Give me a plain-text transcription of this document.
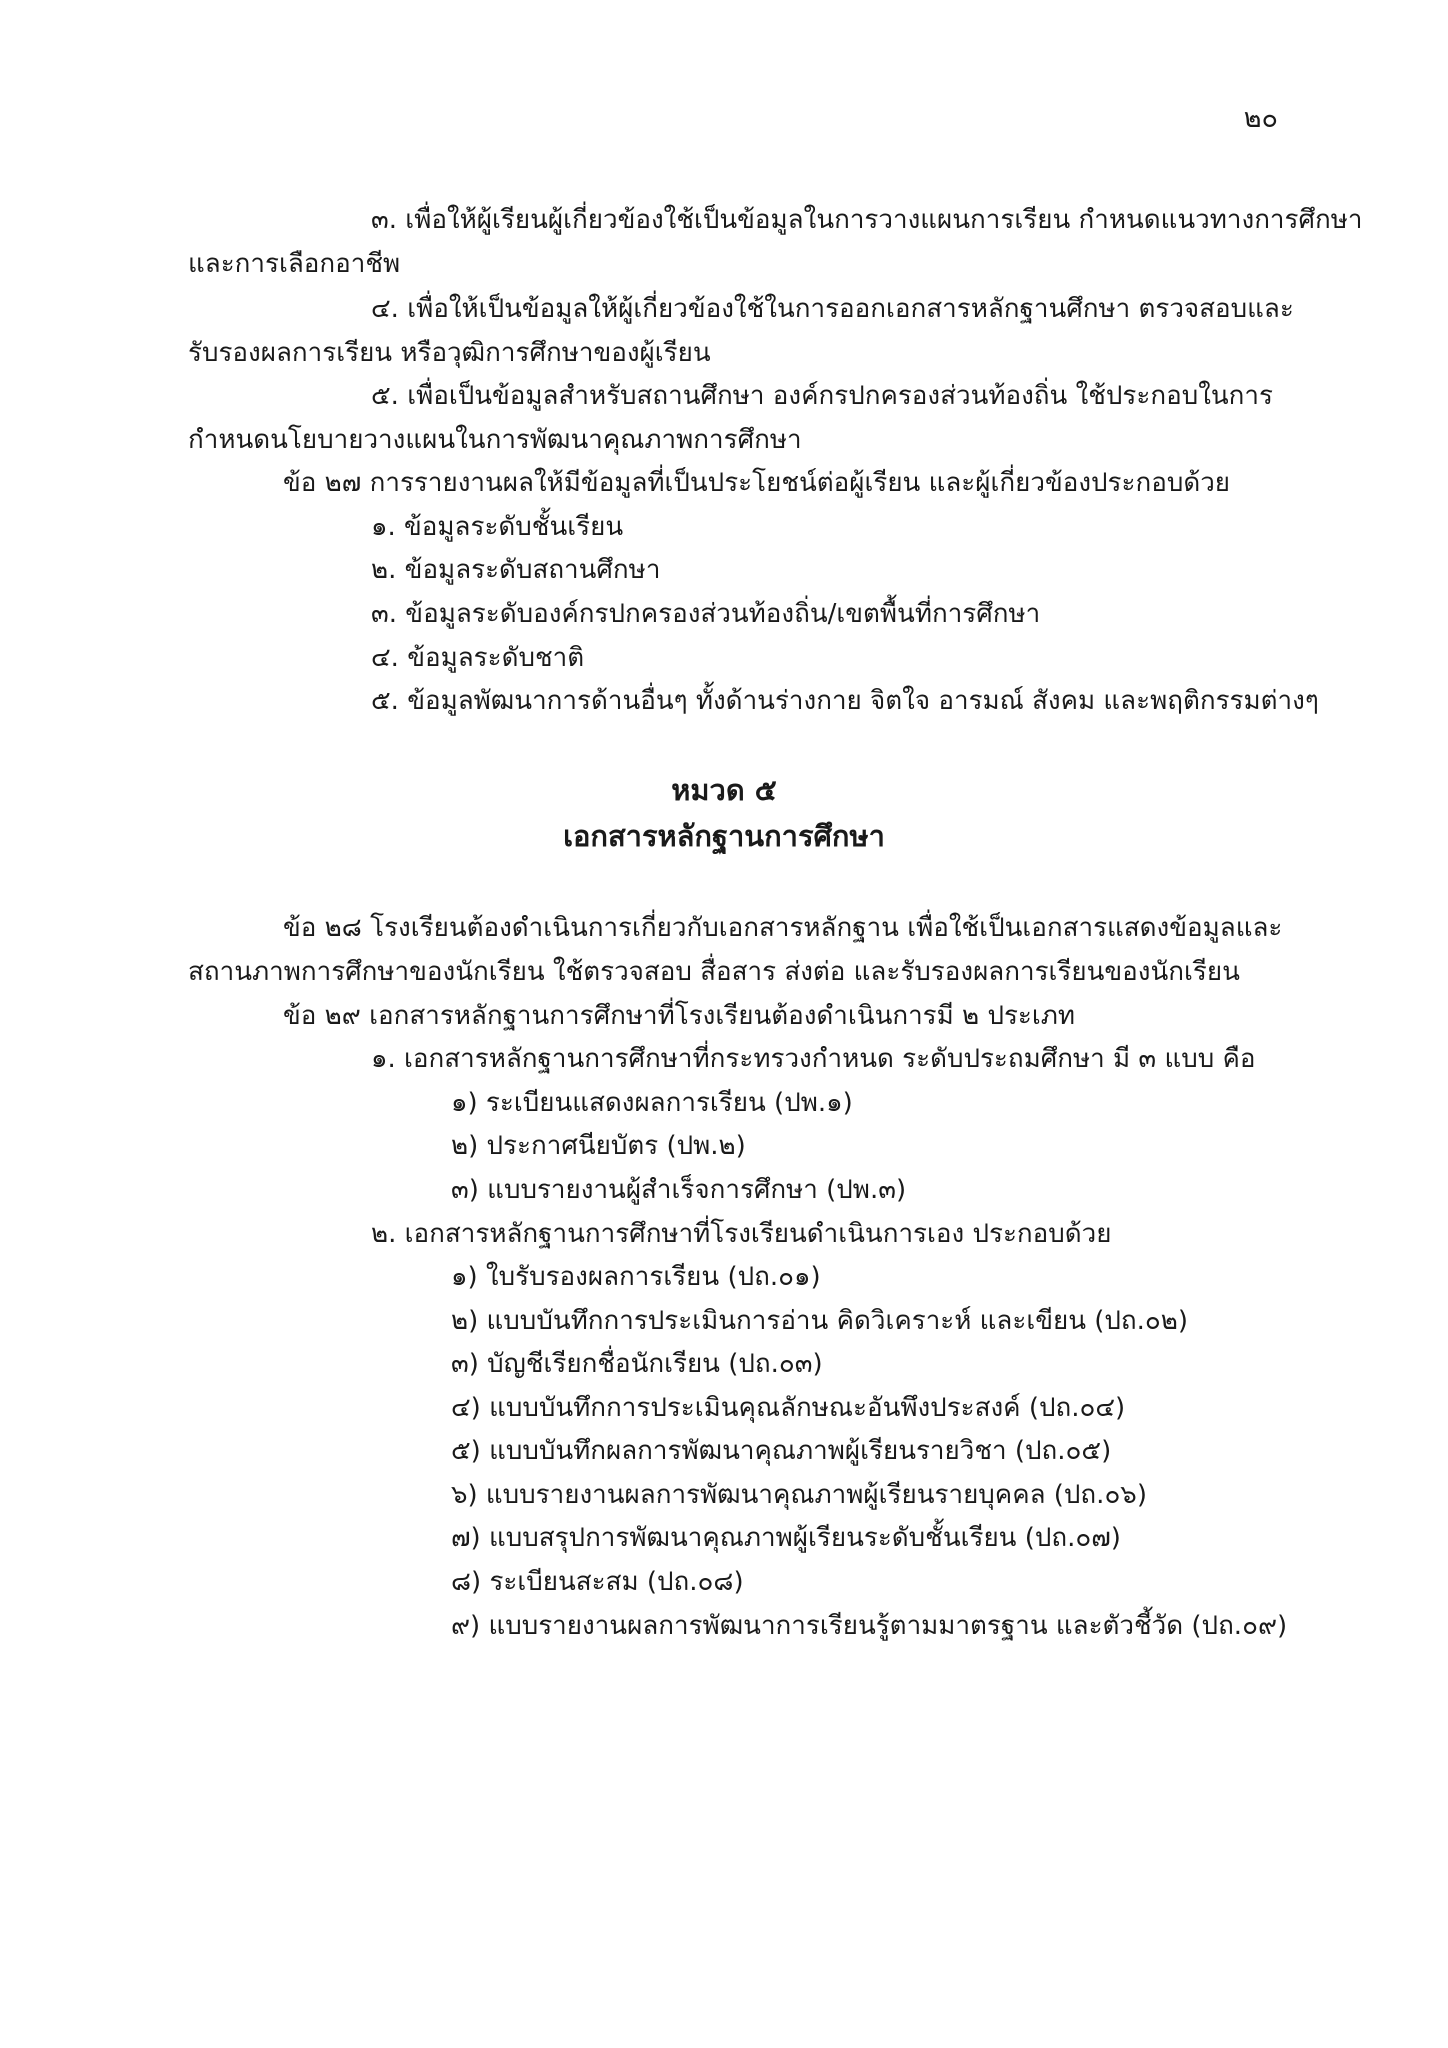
๒๐
๓. เพื่อให้ผู้เรียนผู้เกี่ยวข้องใช้เป็นข้อมูลในการวางแผนการเรียน กำหนดแนวทางการศึกษา
และการเลือกอาชีพ
๔. เพื่อให้เป็นข้อมูลให้ผู้เกี่ยวข้องใช้ในการออกเอกสารหลักฐานศึกษา ตรวจสอบและ
รับรองผลการเรียน หรือวุฒิการศึกษาของผู้เรียน
๕. เพื่อเป็นข้อมูลสำหรับสถานศึกษา องค์กรปกครองส่วนท้องถิ่น ใช้ประกอบในการ
กำหนดนโยบายวางแผนในการพัฒนาคุณภาพการศึกษา
ข้อ ๒๗ การรายงานผลให้มีข้อมูลที่เป็นประโยชน์ต่อผู้เรียน และผู้เกี่ยวข้องประกอบด้วย
๑. ข้อมูลระดับชั้นเรียน
๒. ข้อมูลระดับสถานศึกษา
๓. ข้อมูลระดับองค์กรปกครองส่วนท้องถิ่น/เขตพื้นที่การศึกษา
๔. ข้อมูลระดับชาติ
๕. ข้อมูลพัฒนาการด้านอื่นๆ ทั้งด้านร่างกาย จิตใจ อารมณ์ สังคม และพฤติกรรมต่างๆ
หมวด ๕
เอกสารหลักฐานการศึกษา
ข้อ ๒๘ โรงเรียนต้องดำเนินการเกี่ยวกับเอกสารหลักฐาน เพื่อใช้เป็นเอกสารแสดงข้อมูลและ
สถานภาพการศึกษาของนักเรียน ใช้ตรวจสอบ สื่อสาร ส่งต่อ และรับรองผลการเรียนของนักเรียน
ข้อ ๒๙ เอกสารหลักฐานการศึกษาที่โรงเรียนต้องดำเนินการมี ๒ ประเภท
๑. เอกสารหลักฐานการศึกษาที่กระทรวงกำหนด ระดับประถมศึกษา มี ๓ แบบ คือ
๑) ระเบียนแสดงผลการเรียน (ปพ.๑)
๒) ประกาศนียบัตร (ปพ.๒)
๓) แบบรายงานผู้สำเร็จการศึกษา (ปพ.๓)
๒. เอกสารหลักฐานการศึกษาที่โรงเรียนดำเนินการเอง ประกอบด้วย
๑) ใบรับรองผลการเรียน (ปถ.๐๑)
๒) แบบบันทึกการประเมินการอ่าน คิดวิเคราะห์ และเขียน (ปถ.๐๒)
๓) บัญชีเรียกชื่อนักเรียน (ปถ.๐๓)
๔) แบบบันทึกการประเมินคุณลักษณะอันพึงประสงค์ (ปถ.๐๔)
๕) แบบบันทึกผลการพัฒนาคุณภาพผู้เรียนรายวิชา (ปถ.๐๕)
๖) แบบรายงานผลการพัฒนาคุณภาพผู้เรียนรายบุคคล (ปถ.๐๖)
๗) แบบสรุปการพัฒนาคุณภาพผู้เรียนระดับชั้นเรียน (ปถ.๐๗)
๘) ระเบียนสะสม (ปถ.๐๘)
๙) แบบรายงานผลการพัฒนาการเรียนรู้ตามมาตรฐาน และตัวชี้วัด (ปถ.๐๙)
